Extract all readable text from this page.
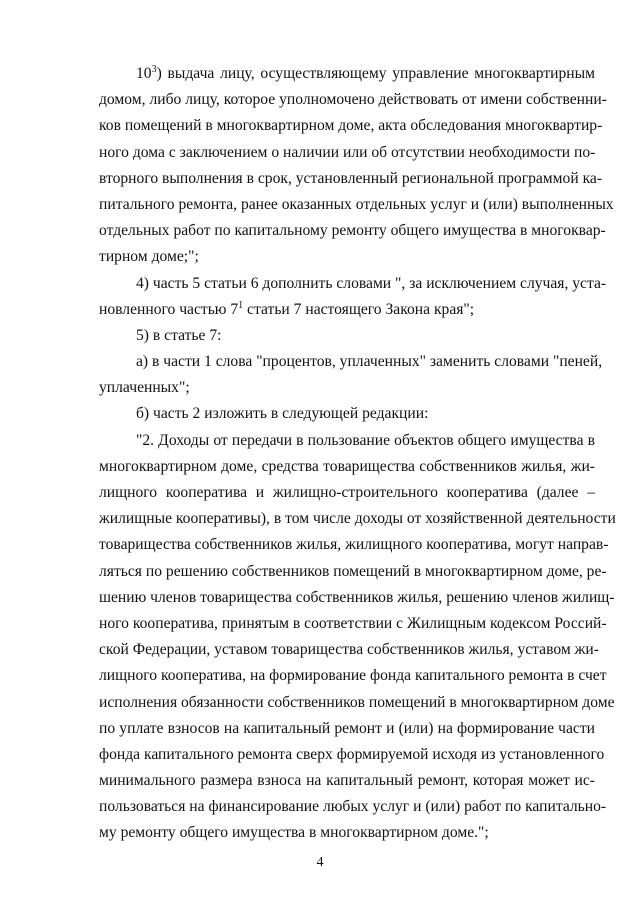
$10^3$) выдача лицу, осуществляющему управление многоквартирным
домом, либо лицу, которое уполномочено действовать от имени собственни-
ков помещений в многоквартирном доме, акта обследования многоквартир-
ного дома с заключением о наличии или об отсутствии необходимости по-
вторного выполнения в срок, установленный региональной программой ка-
питального ремонта, ранее оказанных отдельных услуг и (или) выполненных
отдельных работ по капитальному ремонту общего имущества в многоквар-
тирном доме;";
4) часть 5 статьи 6 дополнить словами ", за исключением случая, уста-
новленного частью $7^1$ статьи 7 настоящего Закона края";
5) в статье 7:
а) в части 1 слова "процентов, уплаченных" заменить словами "пеней,
уплаченных";
б) часть 2 изложить в следующей редакции:
"2. Доходы от передачи в пользование объектов общего имущества в
многоквартирном доме, средства товарищества собственников жилья, жи-
лищного кооператива и жилищно-строительного кооператива (далее –
жилищные кооперативы), в том числе доходы от хозяйственной деятельности
товарищества собственников жилья, жилищного кооператива, могут направ-
ляться по решению собственников помещений в многоквартирном доме, ре-
шению членов товарищества собственников жилья, решению членов жилищ-
ного кооператива, принятым в соответствии с Жилищным кодексом Россий-
ской Федерации, уставом товарищества собственников жилья, уставом жи-
лищного кооператива, на формирование фонда капитального ремонта в счет
исполнения обязанности собственников помещений в многоквартирном доме
по уплате взносов на капитальный ремонт и (или) на формирование части
фонда капитального ремонта сверх формируемой исходя из установленного
минимального размера взноса на капитальный ремонт, которая может ис-
пользоваться на финансирование любых услуг и (или) работ по капитально-
му ремонту общего имущества в многоквартирном доме.";
4
